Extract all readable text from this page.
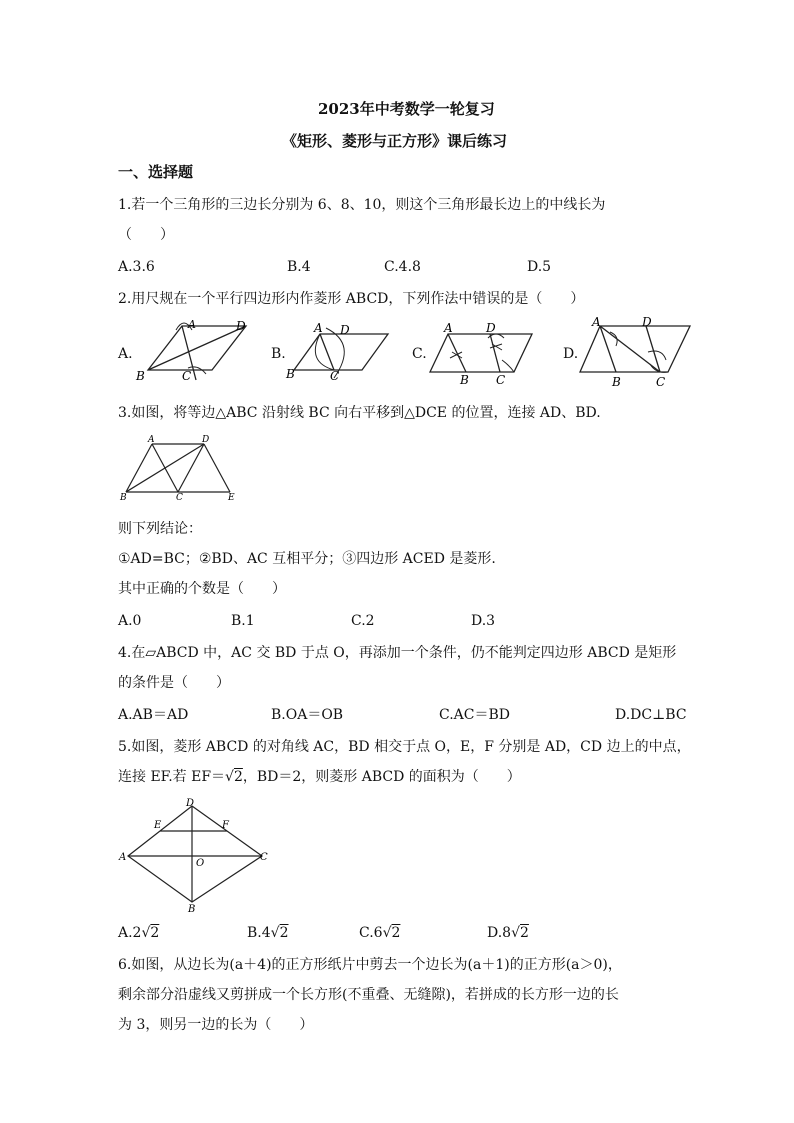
2023年中考数学一轮复习
《矩形、菱形与正方形》课后练习
一、选择题
1.若一个三角形的三边长分别为 6、8、10，则这个三角形最长边上的中线长为
（　　）
A.3.6	B.4	C.4.8	D.5
2.用尺规在一个平行四边形内作菱形 ABCD，下列作法中错误的是（　　）
A.
A	D
B	C
B.
A D
B	C
C.
A	D
B C
D.
A	D
B	C
3.如图，将等边△ABC 沿射线 BC 向右平移到△DCE 的位置，连接 AD、BD.
A	D
B	C	E
则下列结论：
①AD=BC；②BD、AC 互相平分；③四边形 ACED 是菱形.
其中正确的个数是（　　）
A.0	B.1	C.2	D.3
4.在▱ABCD 中，AC 交 BD 于点 O，再添加一个条件，仍不能判定四边形 ABCD 是矩形
的条件是（　　）
A.AB＝AD	B.OA＝OB	C.AC＝BD	D.DC⊥BC
5.如图，菱形 ABCD 的对角线 AC，BD 相交于点 O，E，F 分别是 AD，CD 边上的中点，
连接 EF.若 EF＝√2，BD＝2，则菱形 ABCD 的面积为（　　）
D
E	F
A
O
C
B
A.2√2	B.4√2	C.6√2	D.8√2
6.如图，从边长为(a＋4)的正方形纸片中剪去一个边长为(a＋1)的正方形(a＞0)，
剩余部分沿虚线又剪拼成一个长方形(不重叠、无缝隙)，若拼成的长方形一边的长
为 3，则另一边的长为（　　）
